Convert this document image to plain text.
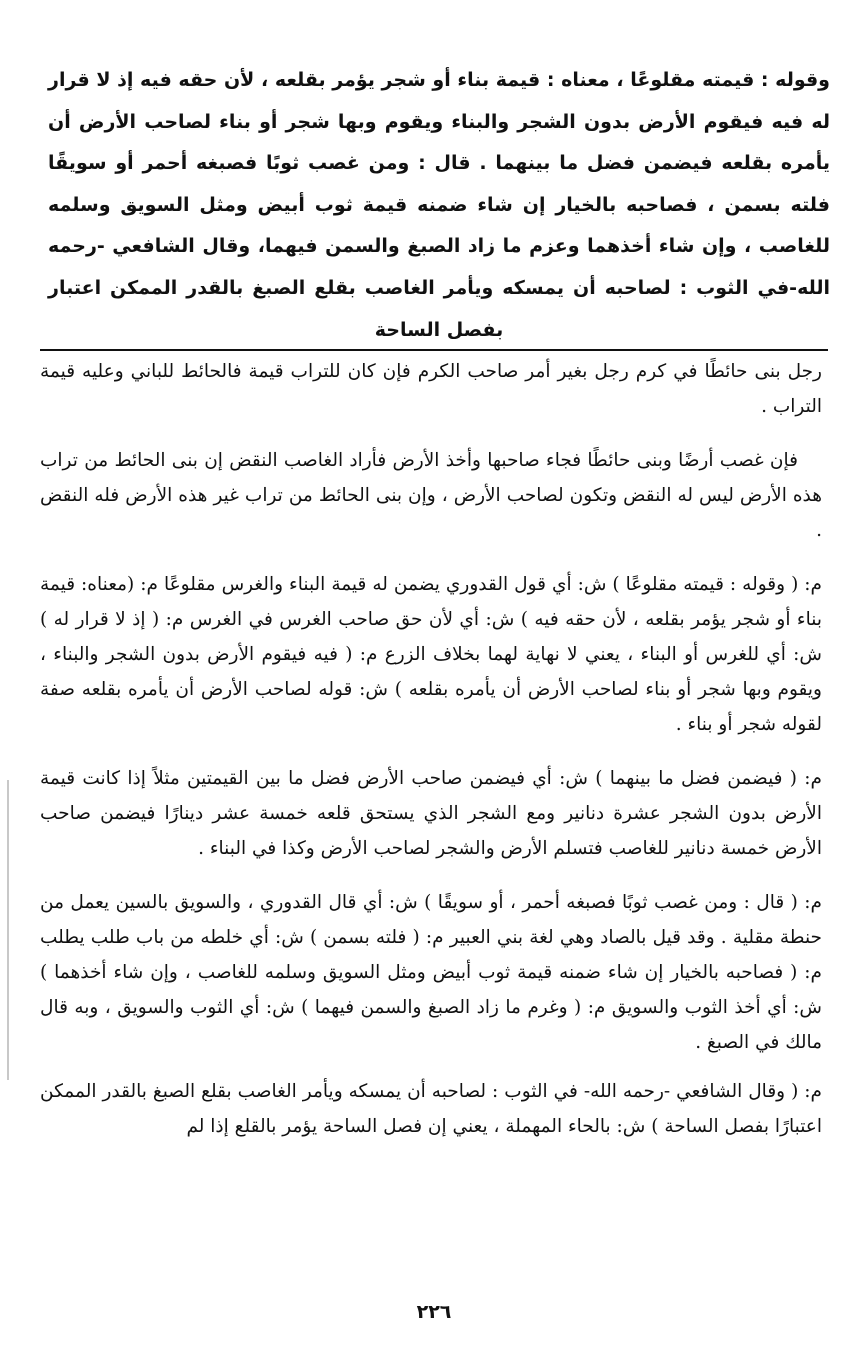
وقوله : قيمته مقلوعًا ، معناه : قيمة بناء أو شجر يؤمر بقلعه ، لأن حقه فيه إذ لا قرار له فيه فيقوم الأرض بدون الشجر والبناء ويقوم وبها شجر أو بناء لصاحب الأرض أن يأمره بقلعه فيضمن فضل ما بينهما . قال : ومن غصب ثوبًا فصبغه أحمر أو سويقًا فلته بسمن ، فصاحبه بالخيار إن شاء ضمنه قيمة ثوب أبيض ومثل السويق وسلمه للغاصب ، وإن شاء أخذهما وعزم ما زاد الصبغ والسمن فيهما، وقال الشافعي -رحمه الله-في الثوب : لصاحبه أن يمسكه ويأمر الغاصب بقلع الصبغ بالقدر الممكن اعتبار بفصل الساحة

رجل بنى حائطًا في كرم رجل بغير أمر صاحب الكرم فإن كان للتراب قيمة فالحائط للباني وعليه قيمة التراب .

فإن غصب أرضًا وبنى حائطًا فجاء صاحبها وأخذ الأرض فأراد الغاصب النقض إن بنى الحائط من تراب هذه الأرض ليس له النقض وتكون لصاحب الأرض ، وإن بنى الحائط من تراب غير هذه الأرض فله النقض .

م: ( وقوله : قيمته مقلوعًا ) ش: أي قول القدوري يضمن له قيمة البناء والغرس مقلوعًا م: (معناه: قيمة بناء أو شجر يؤمر بقلعه ، لأن حقه فيه ) ش: أي لأن حق صاحب الغرس في الغرس م: ( إذ لا قرار له ) ش: أي للغرس أو البناء ، يعني لا نهاية لهما بخلاف الزرع م: ( فيه فيقوم الأرض بدون الشجر والبناء ، ويقوم وبها شجر أو بناء لصاحب الأرض أن يأمره بقلعه ) ش: قوله لصاحب الأرض أن يأمره بقلعه صفة لقوله شجر أو بناء .

م: ( فيضمن فضل ما بينهما ) ش: أي فيضمن صاحب الأرض فضل ما بين القيمتين مثلاً إذا كانت قيمة الأرض بدون الشجر عشرة دنانير ومع الشجر الذي يستحق قلعه خمسة عشر دينارًا فيضمن صاحب الأرض خمسة دنانير للغاصب فتسلم الأرض والشجر لصاحب الأرض وكذا في البناء .

م: ( قال : ومن غصب ثوبًا فصبغه أحمر ، أو سويقًا ) ش: أي قال القدوري ، والسويق بالسين يعمل من حنطة مقلية . وقد قيل بالصاد وهي لغة بني العبير م: ( فلته بسمن ) ش: أي خلطه من باب طلب يطلب م: ( فصاحبه بالخيار إن شاء ضمنه قيمة ثوب أبيض ومثل السويق وسلمه للغاصب ، وإن شاء أخذهما ) ش: أي أخذ الثوب والسويق م: ( وغرم ما زاد الصبغ والسمن فيهما ) ش: أي الثوب والسويق ، وبه قال مالك في الصبغ .

م: ( وقال الشافعي -رحمه الله- في الثوب : لصاحبه أن يمسكه ويأمر الغاصب بقلع الصبغ بالقدر الممكن اعتبارًا بفصل الساحة ) ش: بالحاء المهملة ، يعني إن فصل الساحة يؤمر بالقلع إذا لم

٢٢٦
